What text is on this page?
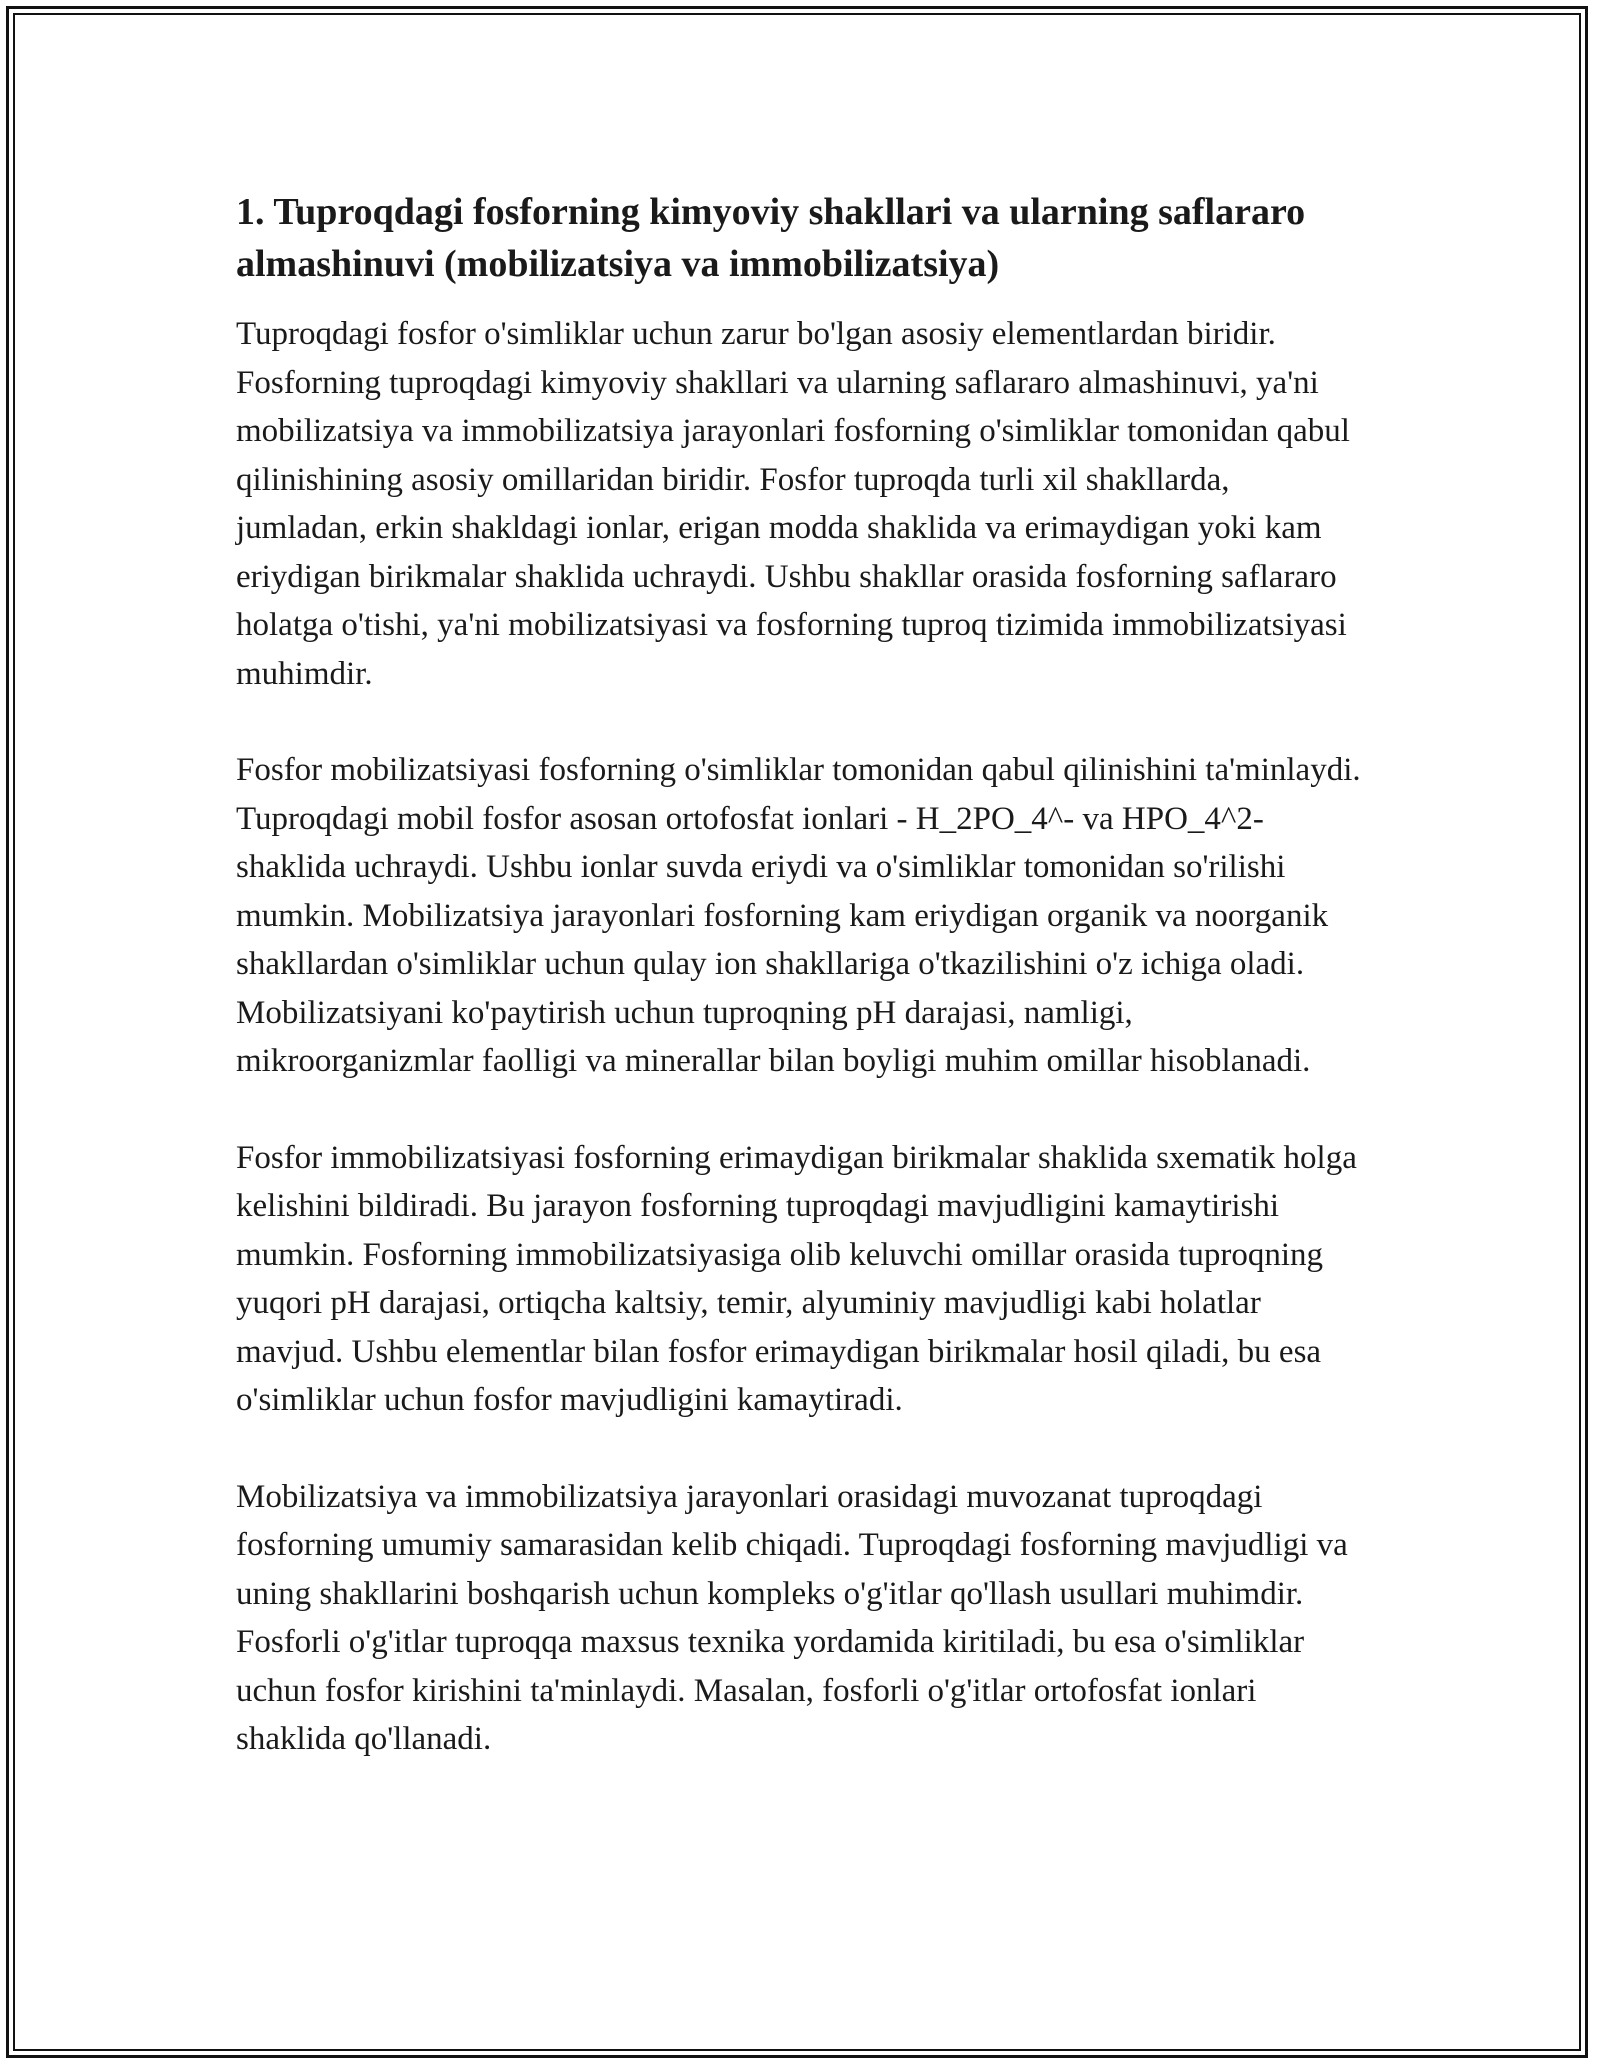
1. Tuproqdagi fosforning kimyoviy shakllari va ularning saflararo almashinuvi (mobilizatsiya va immobilizatsiya)

Tuproqdagi fosfor o'simliklar uchun zarur bo'lgan asosiy elementlardan biridir. Fosforning tuproqdagi kimyoviy shakllari va ularning saflararo almashinuvi, ya'ni mobilizatsiya va immobilizatsiya jarayonlari fosforning o'simliklar tomonidan qabul qilinishining asosiy omillaridan biridir. Fosfor tuproqda turli xil shakllarda, jumladan, erkin shakldagi ionlar, erigan modda shaklida va erimaydigan yoki kam eriydigan birikmalar shaklida uchraydi. Ushbu shakllar orasida fosforning saflararo holatga o'tishi, ya'ni mobilizatsiyasi va fosforning tuproq tizimida immobilizatsiyasi muhimdir.

Fosfor mobilizatsiyasi fosforning o'simliklar tomonidan qabul qilinishini ta'minlaydi. Tuproqdagi mobil fosfor asosan ortofosfat ionlari - H_2PO_4^- va HPO_4^2- shaklida uchraydi. Ushbu ionlar suvda eriydi va o'simliklar tomonidan so'rilishi mumkin. Mobilizatsiya jarayonlari fosforning kam eriydigan organik va noorganik shakllardan o'simliklar uchun qulay ion shakllariga o'tkazilishini o'z ichiga oladi. Mobilizatsiyani ko'paytirish uchun tuproqning pH darajasi, namligi, mikroorganizmlar faolligi va minerallar bilan boyligi muhim omillar hisoblanadi.

Fosfor immobilizatsiyasi fosforning erimaydigan birikmalar shaklida sxematik holga kelishini bildiradi. Bu jarayon fosforning tuproqdagi mavjudligini kamaytirishi mumkin. Fosforning immobilizatsiyasiga olib keluvchi omillar orasida tuproqning yuqori pH darajasi, ortiqcha kaltsiy, temir, alyuminiy mavjudligi kabi holatlar mavjud. Ushbu elementlar bilan fosfor erimaydigan birikmalar hosil qiladi, bu esa o'simliklar uchun fosfor mavjudligini kamaytiradi.

Mobilizatsiya va immobilizatsiya jarayonlari orasidagi muvozanat tuproqdagi fosforning umumiy samarasidan kelib chiqadi. Tuproqdagi fosforning mavjudligi va uning shakllarini boshqarish uchun kompleks o'g'itlar qo'llash usullari muhimdir. Fosforli o'g'itlar tuproqqa maxsus texnika yordamida kiritiladi, bu esa o'simliklar uchun fosfor kirishini ta'minlaydi. Masalan, fosforli o'g'itlar ortofosfat ionlari shaklida qo'llanadi.
